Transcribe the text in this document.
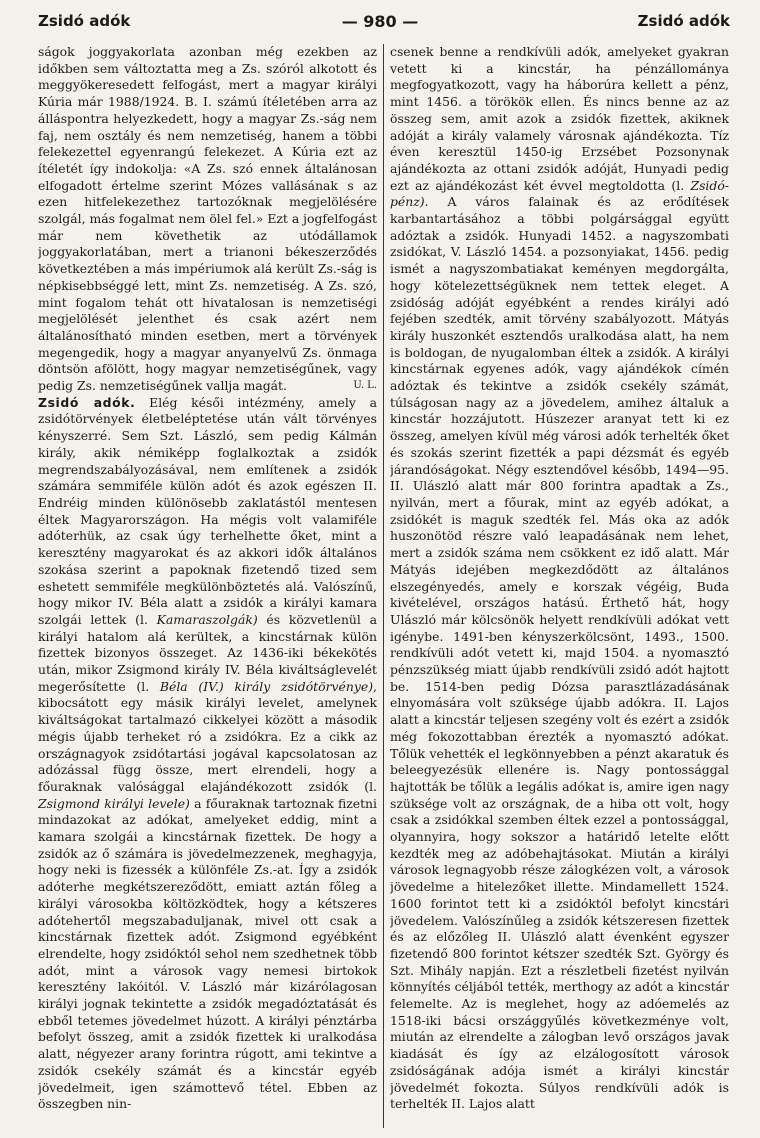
Zsidó adók	— 980 —	Zsidó adók

ságok joggyakorlata azonban még ezekben az időkben sem változtatta meg a Zs. szóról alkotott és meggyökeresedett felfogást, mert a magyar királyi Kúria már 1988/1924. B. I. számú ítéletében arra az álláspontra helyezkedett, hogy a magyar Zs.-ság nem faj, nem osztály és nem nemzetiség, hanem a többi felekezettel egyenrangú felekezet. A Kúria ezt az ítéletét így indokolja: «A Zs. szó ennek általánosan elfogadott értelme szerint Mózes vallásának s az ezen hitfelekezethez tartozóknak megjelölésére szolgál, más fogalmat nem ölel fel.» Ezt a jogfelfogást már nem követhetik az utódállamok joggyakorlatában, mert a trianoni békeszerződés következtében a más impériumok alá került Zs.-ság is népkisebbséggé lett, mint Zs. nemzetiség. A Zs. szó, mint fogalom tehát ott hivatalosan is nemzetiségi megjelölését jelenthet és csak azért nem általánosítható minden esetben, mert a törvények megengedik, hogy a magyar anyanyelvű Zs. önmaga döntsön afölött, hogy magyar nemzetiségűnek, vagy pedig Zs. nemzetiségűnek vallja magát.	U. L.

Zsidó adók. Elég késői intézmény, amely a zsidótörvények életbeléptetése után vált törvényes kényszerré. Sem Szt. László, sem pedig Kálmán király, akik némiképp foglalkoztak a zsidók megrendszabályozásával, nem említenek a zsidók számára semmiféle külön adót és azok egészen II. Endréig minden különösebb zaklatástól mentesen éltek Magyarországon. Ha mégis volt valamiféle adóterhük, az csak úgy terhelhette őket, mint a keresztény magyarokat és az akkori idők általános szokása szerint a papoknak fizetendő tized sem eshetett semmiféle megkülönböztetés alá. Valószínű, hogy mikor IV. Béla alatt a zsidók a királyi kamara szolgái lettek (l. Kamaraszolgák) és közvetlenül a királyi hatalom alá kerültek, a kincstárnak külön fizettek bizonyos összeget. Az 1436-iki békekötés után, mikor Zsigmond király IV. Béla kiváltságlevelét megerősítette (l. Béla (IV.) király zsidótörvénye), kibocsátott egy másik királyi levelet, amelynek kiváltságokat tartalmazó cikkelyei között a második mégis újabb terheket ró a zsidókra. Ez a cikk az országnagyok zsidótartási jogával kapcsolatosan az adózással függ össze, mert elrendeli, hogy a főuraknak valósággal elajándékozott zsidók (l. Zsigmond királyi levele) a főuraknak tartoznak fizetni mindazokat az adókat, amelyeket eddig, mint a kamara szolgái a kincstárnak fizettek. De hogy a zsidók az ő számára is jövedelmezzenek, meghagyja, hogy neki is fizessék a különféle Zs.-at. Így a zsidók adóterhe megkétszereződött, emiatt aztán főleg a királyi városokba költözködtek, hogy a kétszeres adótehertől megszabaduljanak, mivel ott csak a kincstárnak fizettek adót. Zsigmond egyébként elrendelte, hogy zsidóktól sehol nem szedhetnek több adót, mint a városok vagy nemesi birtokok keresztény lakóitól. V. László már kizárólagosan királyi jognak tekintette a zsidók megadóztatását és ebből tetemes jövedelmet húzott. A királyi pénztárba befolyt összeg, amit a zsidók fizettek ki uralkodása alatt, négyezer arany forintra rúgott, ami tekintve a zsidók csekély számát és a kincstár egyéb jövedelmeit, igen számottevő tétel. Ebben az összegben nin-

csenek benne a rendkívüli adók, amelyeket gyakran vetett ki a kincstár, ha pénzállománya megfogyatkozott, vagy ha háborúra kellett a pénz, mint 1456. a törökök ellen. És nincs benne az az összeg sem, amit azok a zsidók fizettek, akiknek adóját a király valamely városnak ajándékozta. Tíz éven keresztül 1450-ig Erzsébet Pozsonynak ajándékozta az ottani zsidók adóját, Hunyadi pedig ezt az ajándékozást két évvel megtoldotta (l. Zsidó-pénz). A város falainak és az erődítések karbantartásához a többi polgársággal együtt adóztak a zsidók. Hunyadi 1452. a nagyszombati zsidókat, V. László 1454. a pozsonyiakat, 1456. pedig ismét a nagyszombatiakat keményen megdorgálta, hogy kötelezettségüknek nem tettek eleget. A zsidóság adóját egyébként a rendes királyi adó fejében szedték, amit törvény szabályozott. Mátyás király huszonkét esztendős uralkodása alatt, ha nem is boldogan, de nyugalomban éltek a zsidók. A királyi kincstárnak egyenes adók, vagy ajándékok címén adóztak és tekintve a zsidók csekély számát, túlságosan nagy az a jövedelem, amihez általuk a kincstár hozzájutott. Húszezer aranyat tett ki ez összeg, amelyen kívül még városi adók terhelték őket és szokás szerint fizették a papi dézsmát és egyéb járandóságokat. Négy esztendővel később, 1494—95. II. Ulászló alatt már 800 forintra apadtak a Zs., nyilván, mert a főurak, mint az egyéb adókat, a zsidókét is maguk szedték fel. Más oka az adók huszonötöd részre való leapadásának nem lehet, mert a zsidók száma nem csökkent ez idő alatt. Már Mátyás idejében megkezdődött az általános elszegényedés, amely e korszak végéig, Buda kivételével, országos hatású. Érthető hát, hogy Ulászló már kölcsönök helyett rendkívüli adókat vett igénybe. 1491-ben kényszerkölcsönt, 1493., 1500. rendkívüli adót vetett ki, majd 1504. a nyomasztó pénzszükség miatt újabb rendkívüli zsidó adót hajtott be. 1514-ben pedig Dózsa parasztlázadásának elnyomására volt szüksége újabb adókra. II. Lajos alatt a kincstár teljesen szegény volt és ezért a zsidók még fokozottabban érezték a nyomasztó adókat. Tőlük vehették el legkönnyebben a pénzt akaratuk és beleegyezésük ellenére is. Nagy pontossággal hajtották be tőlük a legális adókat is, amire igen nagy szüksége volt az országnak, de a hiba ott volt, hogy csak a zsidókkal szemben éltek ezzel a pontossággal, olyannyira, hogy sokszor a határidő letelte előtt kezdték meg az adóbehajtásokat. Miután a királyi városok legnagyobb része zálogkézen volt, a városok jövedelme a hitelezőket illette. Mindamellett 1524. 1600 forintot tett ki a zsidóktól befolyt kincstári jövedelem. Valószínűleg a zsidók kétszeresen fizettek és az előzőleg II. Ulászló alatt évenként egyszer fizetendő 800 forintot kétszer szedték Szt. György és Szt. Mihály napján. Ezt a részletbeli fizetést nyilván könnyítés céljából tették, merthogy az adót a kincstár felemelte. Az is meglehet, hogy az adóemelés az 1518-iki bácsi országgyűlés következménye volt, miután az elrendelte a zálogban levő országos javak kiadását és így az elzálogosított városok zsidóságának adója ismét a királyi kincstár jövedelmét fokozta. Súlyos rendkívüli adók is terhelték II. Lajos alatt
